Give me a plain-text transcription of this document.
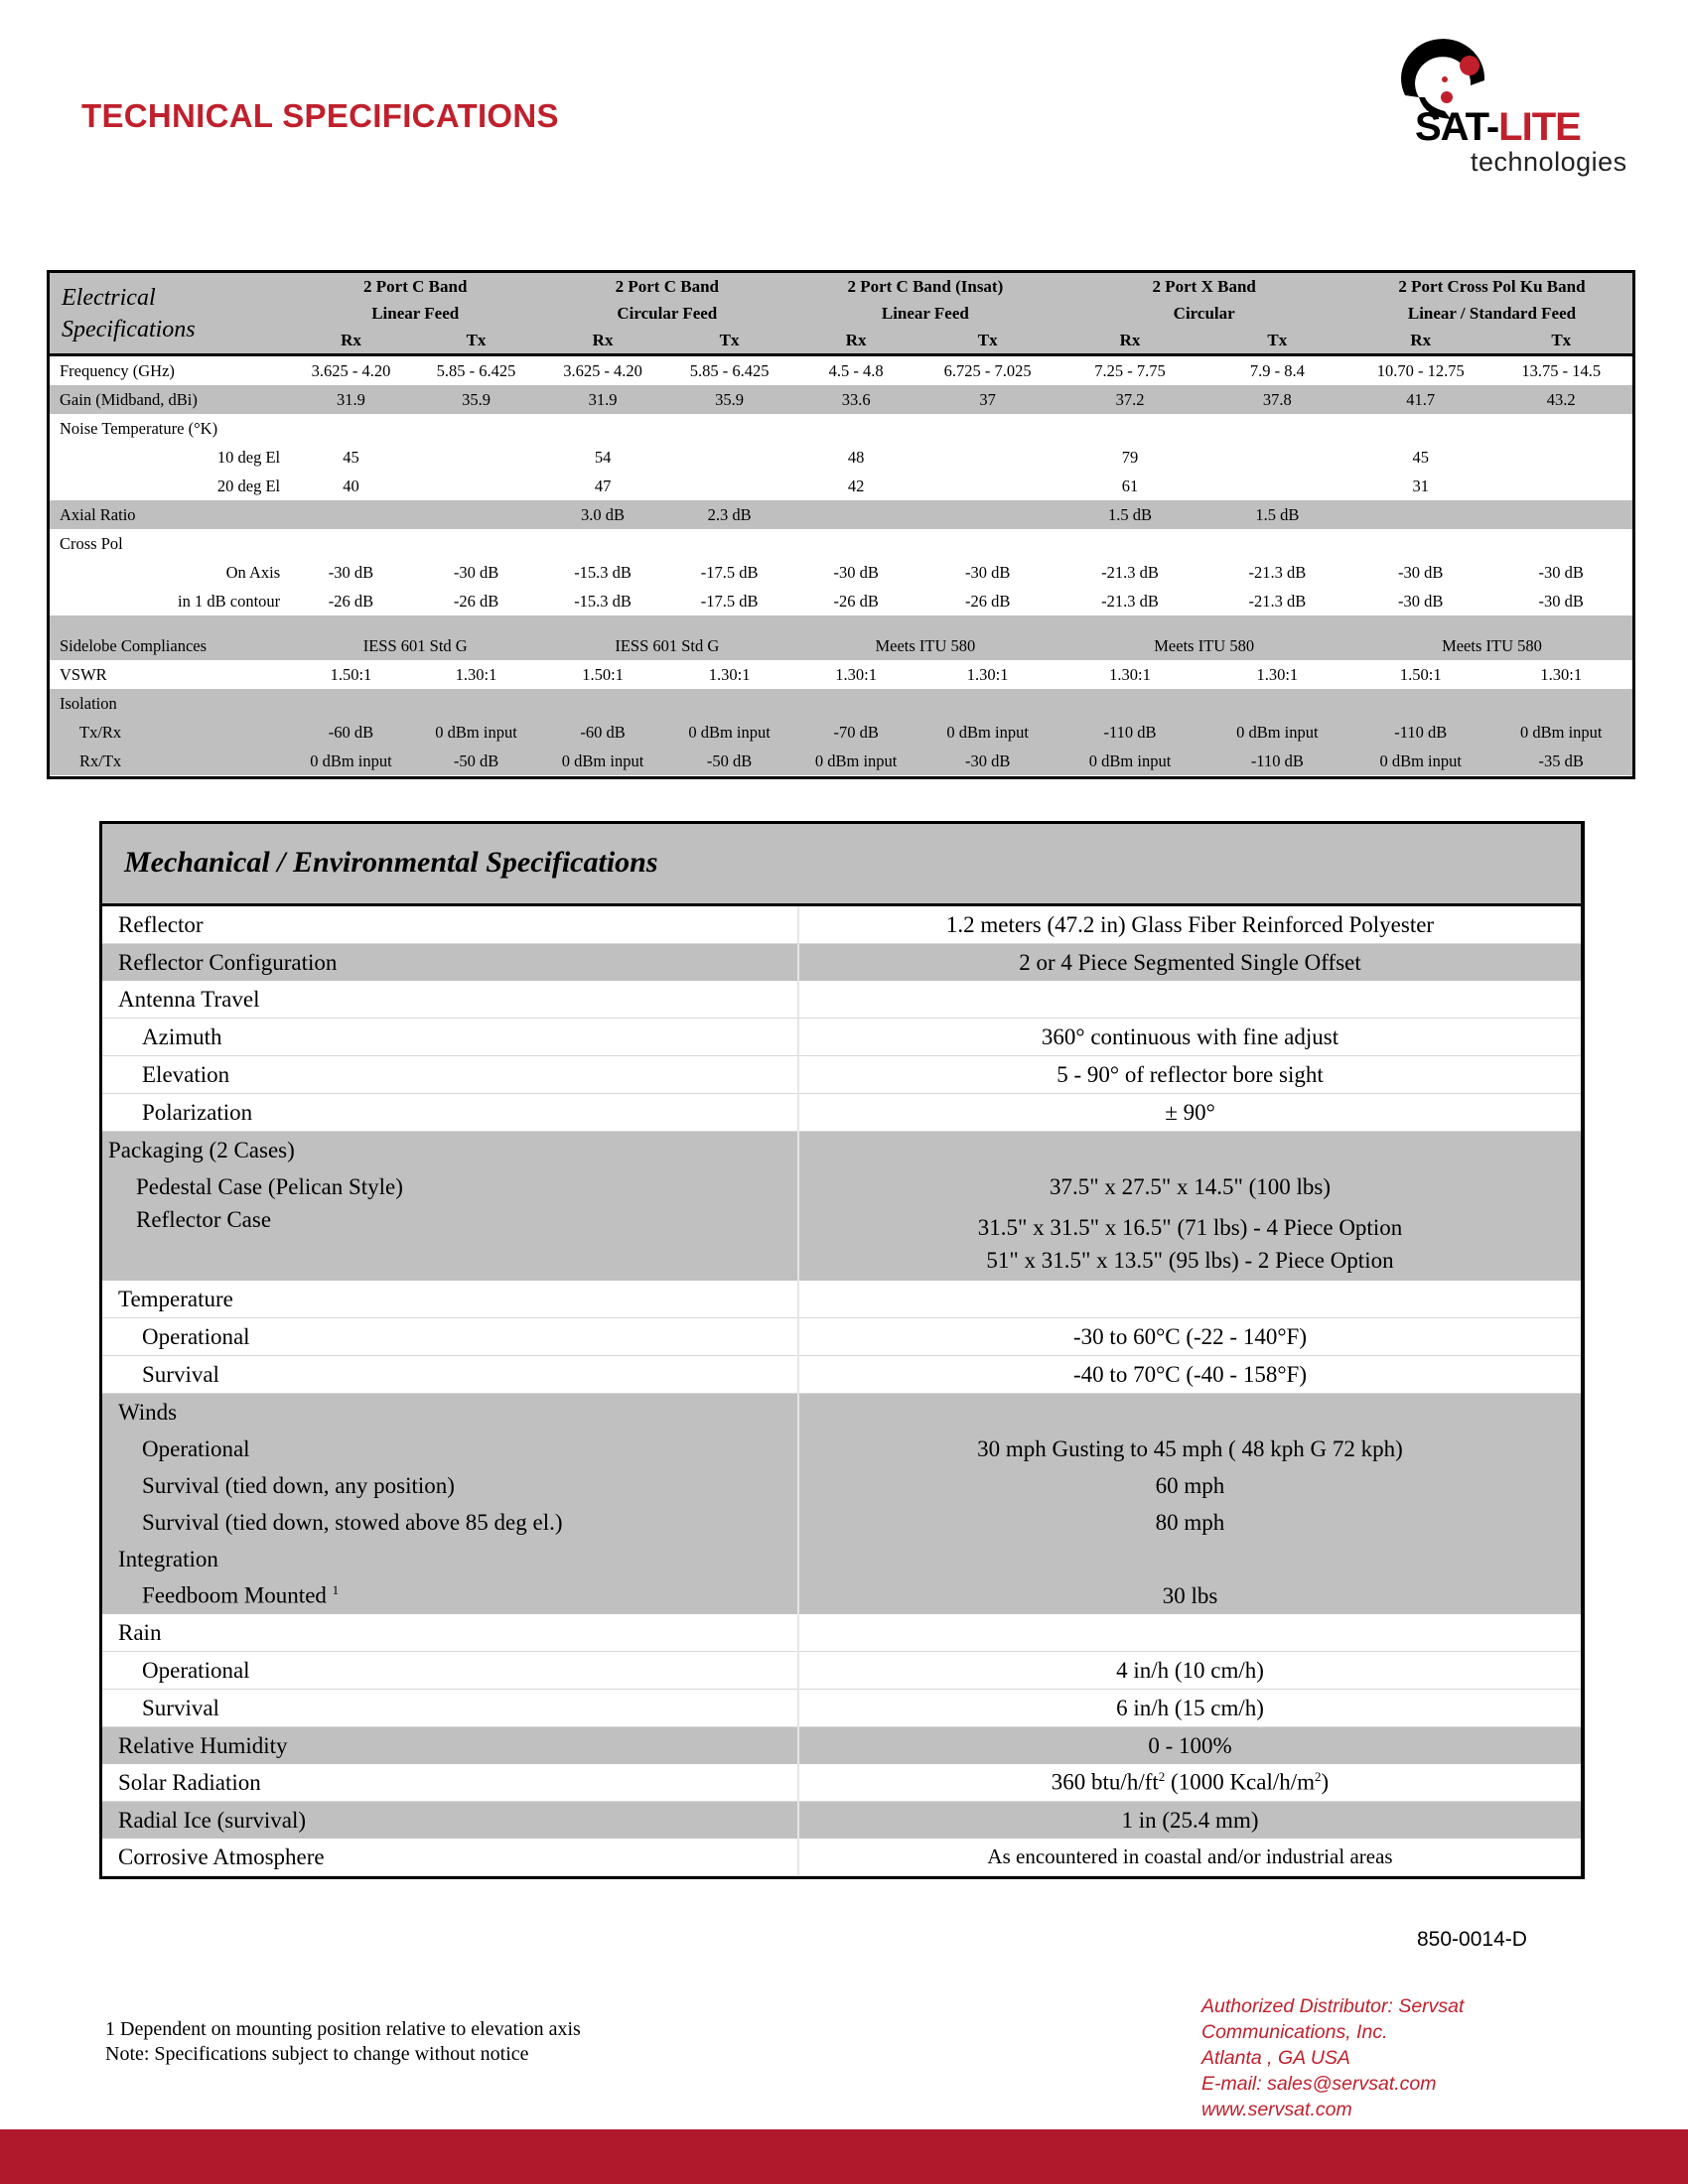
TECHNICAL SPECIFICATIONS	SAT-LITE
technologies
Electrical
Specifications	2 Port C Band		2 Port C Band		2 Port C Band (Insat)		2 Port X Band		2 Port Cross Pol Ku Band	
	Linear Feed		Circular Feed		Linear Feed		Circular		Linear / Standard Feed	
	Rx	Tx	Rx	Tx	Rx	Tx	Rx	Tx	Rx	Tx
Frequency (GHz)	3.625 - 4.20	5.85 - 6.425	3.625 - 4.20	5.85 - 6.425	4.5 - 4.8	6.725 - 7.025	7.25 - 7.75	7.9 - 8.4	10.70 - 12.75	13.75 - 14.5
Gain (Midband, dBi)	31.9	35.9	31.9	35.9	33.6	37	37.2	37.8	41.7	43.2
Noise Temperature (°K)										
10 deg El	45		54		48		79		45	
20 deg El	40		47		42		61		31	
Axial Ratio			3.0 dB	2.3 dB			1.5 dB	1.5 dB		
Cross Pol										
On Axis	-30 dB	-30 dB	-15.3 dB	-17.5 dB	-30 dB	-30 dB	-21.3 dB	-21.3 dB	-30 dB	-30 dB
in 1 dB contour	-26 dB	-26 dB	-15.3 dB	-17.5 dB	-26 dB	-26 dB	-21.3 dB	-21.3 dB	-30 dB	-30 dB

Sidelobe Compliances	IESS 601 Std G		IESS 601 Std G		Meets ITU 580		Meets ITU 580		Meets ITU 580	
VSWR	1.50:1	1.30:1	1.50:1	1.30:1	1.30:1	1.30:1	1.30:1	1.30:1	1.50:1	1.30:1
Isolation										
Tx/Rx	-60 dB	0 dBm input	-60 dB	0 dBm input	-70 dB	0 dBm input	-110 dB	0 dBm input	-110 dB	0 dBm input
Rx/Tx	0 dBm input	-50 dB	0 dBm input	-50 dB	0 dBm input	-30 dB	0 dBm input	-110 dB	0 dBm input	-35 dB
Mechanical / Environmental Specifications
Reflector	1.2 meters (47.2 in) Glass Fiber Reinforced Polyester
Reflector Configuration	2 or 4 Piece Segmented Single Offset
Antenna Travel	
Azimuth	360° continuous with fine adjust
Elevation	5 - 90° of reflector bore sight
Polarization	± 90°
Packaging (2 Cases)	
Pedestal Case (Pelican Style)	37.5" x 27.5" x 14.5" (100 lbs)
Reflector Case	31.5" x 31.5" x 16.5" (71 lbs) - 4 Piece Option
51" x 31.5" x 13.5" (95 lbs) - 2 Piece Option
Temperature	
Operational	-30 to 60°C (-22 - 140°F)
Survival	-40 to 70°C (-40 - 158°F)
Winds	
Operational	30 mph Gusting to 45 mph ( 48 kph G 72 kph)
Survival (tied down, any position)	60 mph
Survival (tied down, stowed above 85 deg el.)	80 mph
Integration	
Feedboom Mounted $^1$	30 lbs
Rain	
Operational	4 in/h (10 cm/h)
Survival	6 in/h (15 cm/h)
Relative Humidity	0 - 100%
Solar Radiation	360 btu/$h/ft^2$ (1000 Kcal/$h/m^2$)
Radial Ice (survival)	1 in (25.4 mm)
Corrosive Atmosphere	As encountered in coastal and/or industrial areas
850-0014-D
1 Dependent on mounting position relative to elevation axis
Note: Specifications subject to change without notice
Authorized Distributor: Servsat
Communications, Inc.
Atlanta , GA USA
E-mail: sales@servsat.com
www.servsat.com
